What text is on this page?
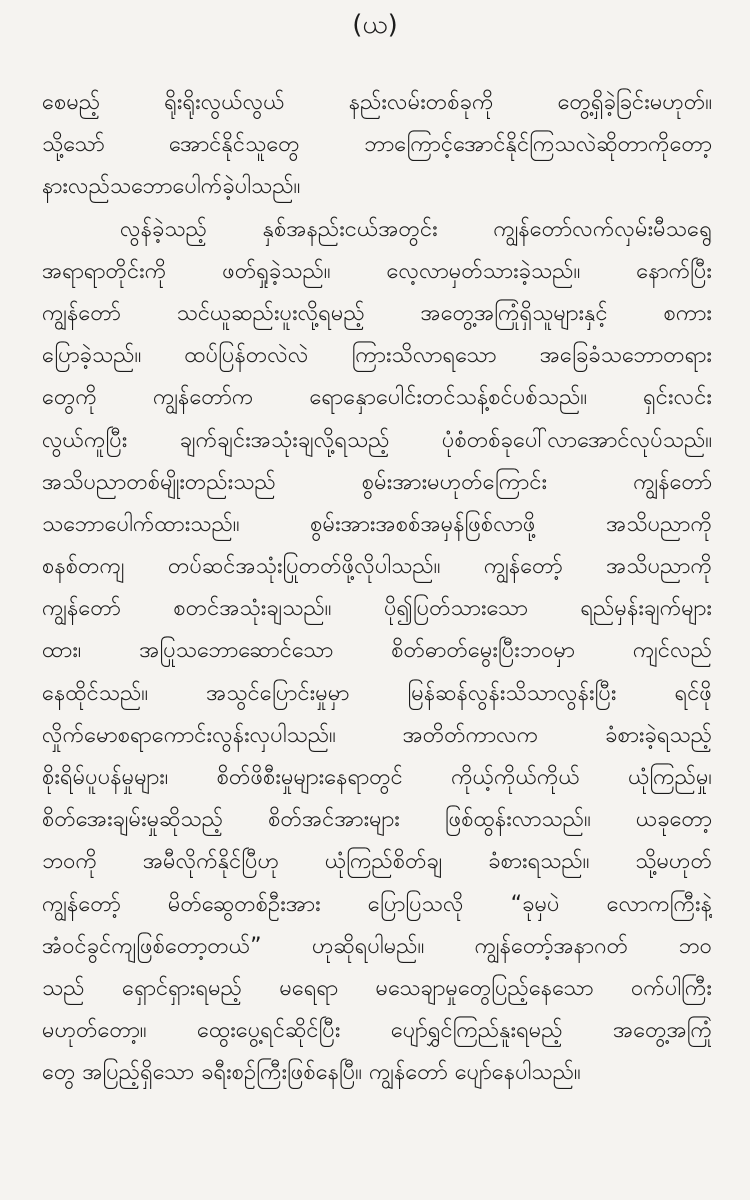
(ယ)
စေမည့် ရိုးရိုးလွယ်လွယ် နည်းလမ်းတစ်ခုကို တွေ့ရှိခဲ့ခြင်းမဟုတ်။
သို့သော် အောင်နိုင်သူတွေ ဘာကြောင့်အောင်နိုင်ကြသလဲဆိုတာကိုတော့
နားလည်သဘောပေါက်ခဲ့ပါသည်။
လွန်ခဲ့သည့် နှစ်အနည်းငယ်အတွင်း ကျွန်တော်လက်လှမ်းမီသရွေ့
အရာရာတိုင်းကို ဖတ်ရှုခဲ့သည်။ လေ့လာမှတ်သားခဲ့သည်။ နောက်ပြီး
ကျွန်တော် သင်ယူဆည်းပူးလို့ရမည့် အတွေ့အကြုံရှိသူများနှင့် စကား
ပြောခဲ့သည်။ ထပ်ပြန်တလဲလဲ ကြားသိလာရသော အခြေခံသဘောတရား
တွေကို ကျွန်တော်က ရောနှောပေါင်းတင်သန့်စင်ပစ်သည်။ ရှင်းလင်း
လွယ်ကူပြီး ချက်ချင်းအသုံးချလို့ရသည့် ပုံစံတစ်ခုပေါ်လာအောင်လုပ်သည်။
အသိပညာတစ်မျိုးတည်းသည် စွမ်းအားမဟုတ်ကြောင်း ကျွန်တော်
သဘောပေါက်ထားသည်။ စွမ်းအားအစစ်အမှန်ဖြစ်လာဖို့ အသိပညာကို
စနစ်တကျ တပ်ဆင်အသုံးပြုတတ်ဖို့လိုပါသည်။ ကျွန်တော့် အသိပညာကို
ကျွန်တော် စတင်အသုံးချသည်။ ပို၍ပြတ်သားသော ရည်မှန်းချက်များ
ထား၊ အပြုသဘောဆောင်သော စိတ်ဓာတ်မွေးပြီးဘဝမှာ ကျင်လည်
နေထိုင်သည်။ အသွင်ပြောင်းမှုမှာ မြန်ဆန်လွန်းသိသာလွန်းပြီး ရင်ဖို
လှိုက်မောစရာကောင်းလွန်းလှပါသည်။ အတိတ်ကာလက ခံစားခဲ့ရသည့်
စိုးရိမ်ပူပန်မှုများ၊ စိတ်ဖိစီးမှုများနေရာတွင် ကိုယ့်ကိုယ်ကိုယ် ယုံကြည်မှု၊
စိတ်အေးချမ်းမှုဆိုသည့် စိတ်အင်အားများ ဖြစ်ထွန်းလာသည်။ ယခုတော့
ဘဝကို အမီလိုက်နိုင်ပြီဟု ယုံကြည်စိတ်ချ ခံစားရသည်။ သို့မဟုတ်
ကျွန်တော့် မိတ်ဆွေတစ်ဦးအား ပြောပြသလို “ခုမှပဲ လောကကြီးနဲ့
အံဝင်ခွင်ကျဖြစ်တော့တယ်” ဟုဆိုရပါမည်။ ကျွန်တော့်အနာဂတ် ဘဝ
သည် ရှောင်ရှားရမည့် မရေရာ မသေချာမှုတွေပြည့်နေသော ဝက်ပါကြီး
မဟုတ်တော့။ ထွေးပွေ့ရင်ဆိုင်ပြီး ပျော်ရွှင်ကြည်နူးရမည့် အတွေ့အကြုံ
တွေ အပြည့်ရှိသော ခရီးစဉ်ကြီးဖြစ်နေပြီ။ ကျွန်တော် ပျော်နေပါသည်။
